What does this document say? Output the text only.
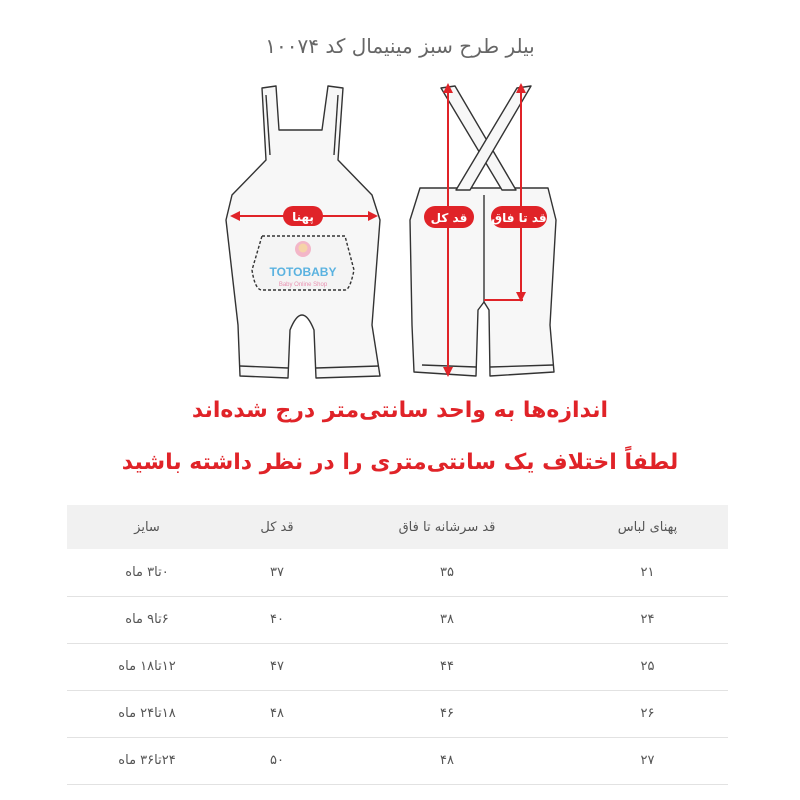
بیلر طرح سبز مینیمال کد ۱۰۰۷۴
TOTOBABY
Baby Online Shop
پهنا	قد کل قد تا فاق
اندازه‌ها به واحد سانتی‌متر درج شده‌اند
لطفاً اختلاف یک سانتی‌متری را در نظر داشته باشید
سایز	قد کل	قد سرشانه تا فاق	پهنای لباس
۰تا۳ ماه	۳۷	۳۵	۲۱
۶تا۹ ماه	۴۰	۳۸	۲۴
۱۲تا۱۸ ماه	۴۷	۴۴	۲۵
۱۸تا۲۴ ماه	۴۸	۴۶	۲۶
۲۴تا۳۶ ماه	۵۰	۴۸	۲۷
